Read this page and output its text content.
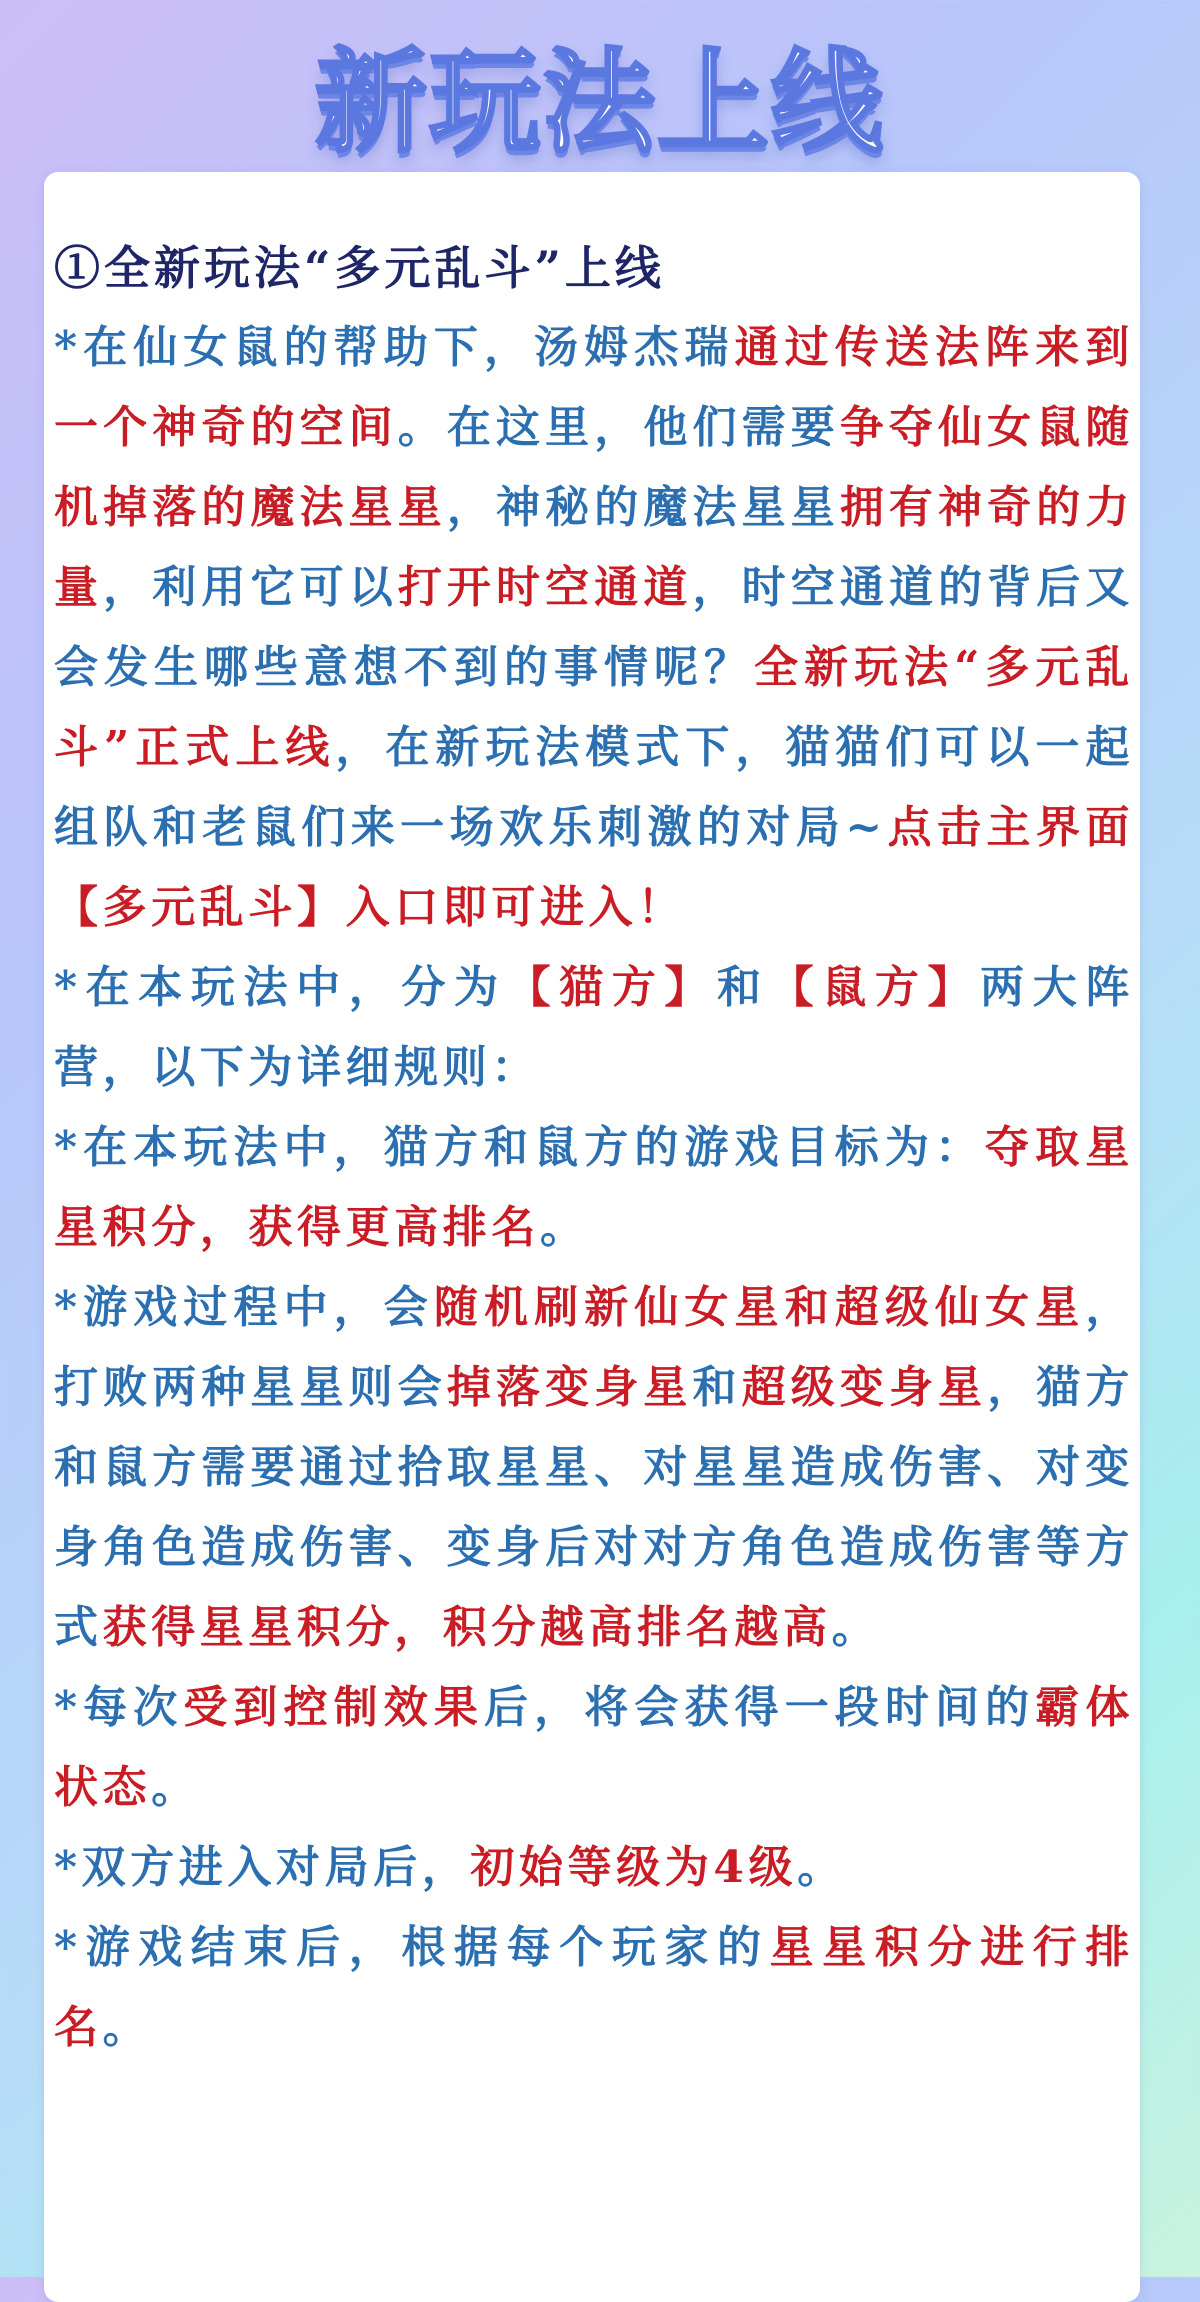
新玩法上线

①全新玩法“多元乱斗”上线

*在仙女鼠的帮助下，汤姆杰瑞通过传送法阵来到一个神奇的空间。在这里，他们需要争夺仙女鼠随机掉落的魔法星星，神秘的魔法星星拥有神奇的力量，利用它可以打开时空通道，时空通道的背后又会发生哪些意想不到的事情呢？全新玩法“多元乱斗”正式上线，在新玩法模式下，猫猫们可以一起组队和老鼠们来一场欢乐刺激的对局~点击主界面【多元乱斗】入口即可进入！

*在本玩法中，分为【猫方】和【鼠方】两大阵营，以下为详细规则：

*在本玩法中，猫方和鼠方的游戏目标为：夺取星星积分，获得更高排名。

*游戏过程中，会随机刷新仙女星和超级仙女星，打败两种星星则会掉落变身星和超级变身星，猫方和鼠方需要通过拾取星星、对星星造成伤害、对变身角色造成伤害、变身后对对方角色造成伤害等方式获得星星积分，积分越高排名越高。

*每次受到控制效果后，将会获得一段时间的霸体状态。

*双方进入对局后，初始等级为4级。

*游戏结束后，根据每个玩家的星星积分进行排名。
